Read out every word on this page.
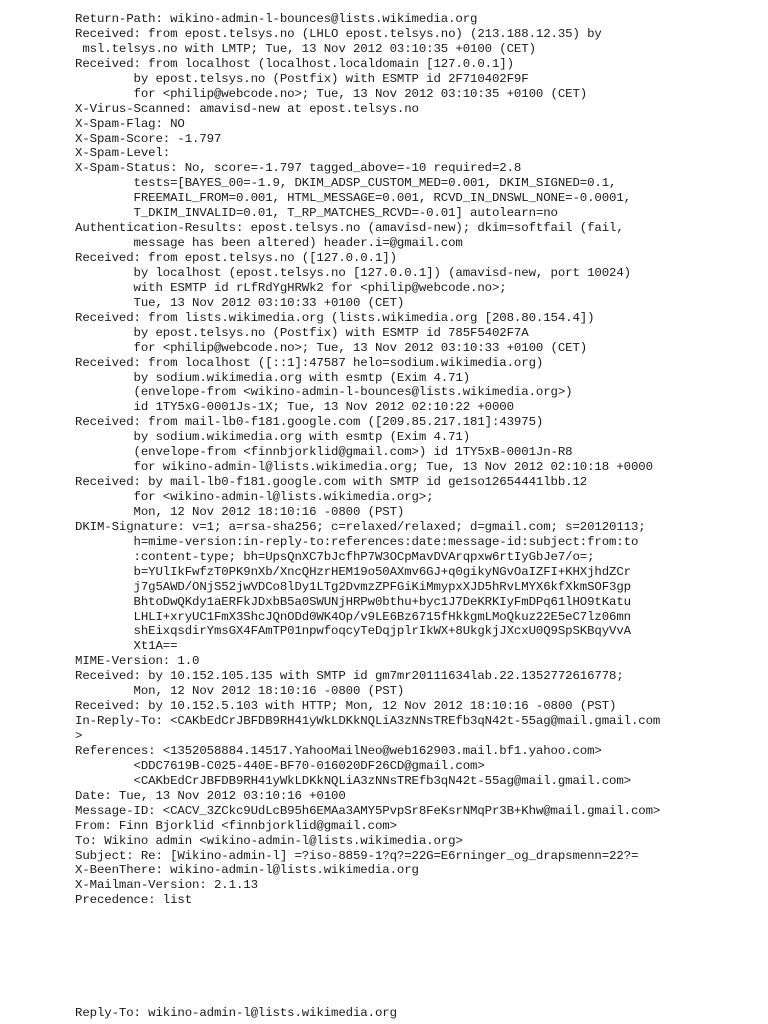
Return-Path: wikino-admin-l-bounces@lists.wikimedia.org
Received: from epost.telsys.no (LHLO epost.telsys.no) (213.188.12.35) by
msl.telsys.no with LMTP; Tue, 13 Nov 2012 03:10:35 +0100 (CET)
Received: from localhost (localhost.localdomain [127.0.0.1])
by epost.telsys.no (Postfix) with ESMTP id 2F710402F9F
for <philip@webcode.no>; Tue, 13 Nov 2012 03:10:35 +0100 (CET)
X-Virus-Scanned: amavisd-new at epost.telsys.no
X-Spam-Flag: NO
X-Spam-Score: -1.797
X-Spam-Level:
X-Spam-Status: No, score=-1.797 tagged_above=-10 required=2.8
tests=[BAYES_00=-1.9, DKIM_ADSP_CUSTOM_MED=0.001, DKIM_SIGNED=0.1,
FREEMAIL_FROM=0.001, HTML_MESSAGE=0.001, RCVD_IN_DNSWL_NONE=-0.0001,
T_DKIM_INVALID=0.01, T_RP_MATCHES_RCVD=-0.01] autolearn=no
Authentication-Results: epost.telsys.no (amavisd-new); dkim=softfail (fail,
message has been altered) header.i=@gmail.com
Received: from epost.telsys.no ([127.0.0.1])
by localhost (epost.telsys.no [127.0.0.1]) (amavisd-new, port 10024)
with ESMTP id rLfRdYgHRWk2 for <philip@webcode.no>;
Tue, 13 Nov 2012 03:10:33 +0100 (CET)
Received: from lists.wikimedia.org (lists.wikimedia.org [208.80.154.4])
by epost.telsys.no (Postfix) with ESMTP id 785F5402F7A
for <philip@webcode.no>; Tue, 13 Nov 2012 03:10:33 +0100 (CET)
Received: from localhost ([::1]:47587 helo=sodium.wikimedia.org)
by sodium.wikimedia.org with esmtp (Exim 4.71)
(envelope-from <wikino-admin-l-bounces@lists.wikimedia.org>)
id 1TY5xG-0001Js-1X; Tue, 13 Nov 2012 02:10:22 +0000
Received: from mail-lb0-f181.google.com ([209.85.217.181]:43975)
by sodium.wikimedia.org with esmtp (Exim 4.71)
(envelope-from <finnbjorklid@gmail.com>) id 1TY5xB-0001Jn-R8
for wikino-admin-l@lists.wikimedia.org; Tue, 13 Nov 2012 02:10:18 +0000
Received: by mail-lb0-f181.google.com with SMTP id ge1so12654441lbb.12
for <wikino-admin-l@lists.wikimedia.org>;
Mon, 12 Nov 2012 18:10:16 -0800 (PST)
DKIM-Signature: v=1; a=rsa-sha256; c=relaxed/relaxed; d=gmail.com; s=20120113;
h=mime-version:in-reply-to:references:date:message-id:subject:from:to
:content-type; bh=UpsQnXC7bJcfhP7W3OCpMavDVArqpxw6rtIyGbJe7/o=;
b=YUlIkFwfzT0PK9nXb/XncQHzrHEM19o50AXmv6GJ+q0gikyNGvOaIZFI+KHXjhdZCr
j7g5AWD/ONjS52jwVDCo8lDy1LTg2DvmzZPFGiKiMmypxXJD5hRvLMYX6kfXkmSOF3gp
BhtoDwQKdy1aERFkJDxbB5a0SWUNjHRPw0bthu+byc1J7DeKRKIyFmDPq61lHO9tKatu
LHLI+xryUC1FmX3ShcJQnODd0WK4Op/v9LE6Bz6715fHkkgmLMoQkuz22E5eC7lz06mn
shEixqsdirYmsGX4FAmTP01npwfoqcyTeDqjplrIkWX+8UkgkjJXcxU0Q9SpSKBqyVvA
Xt1A==
MIME-Version: 1.0
Received: by 10.152.105.135 with SMTP id gm7mr20111634lab.22.1352772616778;
Mon, 12 Nov 2012 18:10:16 -0800 (PST)
Received: by 10.152.5.103 with HTTP; Mon, 12 Nov 2012 18:10:16 -0800 (PST)
In-Reply-To: <CAKbEdCrJBFDB9RH41yWkLDKkNQLiA3zNNsTREfb3qN42t-55ag@mail.gmail.com
>
References: <1352058884.14517.YahooMailNeo@web162903.mail.bf1.yahoo.com>
<DDC7619B-C025-440E-BF70-016020DF26CD@gmail.com>
<CAKbEdCrJBFDB9RH41yWkLDKkNQLiA3zNNsTREfb3qN42t-55ag@mail.gmail.com>
Date: Tue, 13 Nov 2012 03:10:16 +0100
Message-ID: <CACV_3ZCkc9UdLcB95h6EMAa3AMY5PvpSr8FeKsrNMqPr3B+Khw@mail.gmail.com>
From: Finn Bjorklid <finnbjorklid@gmail.com>
To: Wikino admin <wikino-admin-l@lists.wikimedia.org>
Subject: Re: [Wikino-admin-l] =?iso-8859-1?q?=22G=E6rninger_og_drapsmenn=22?=
X-BeenThere: wikino-admin-l@lists.wikimedia.org
X-Mailman-Version: 2.1.13
Precedence: list
Reply-To: wikino-admin-l@lists.wikimedia.org
